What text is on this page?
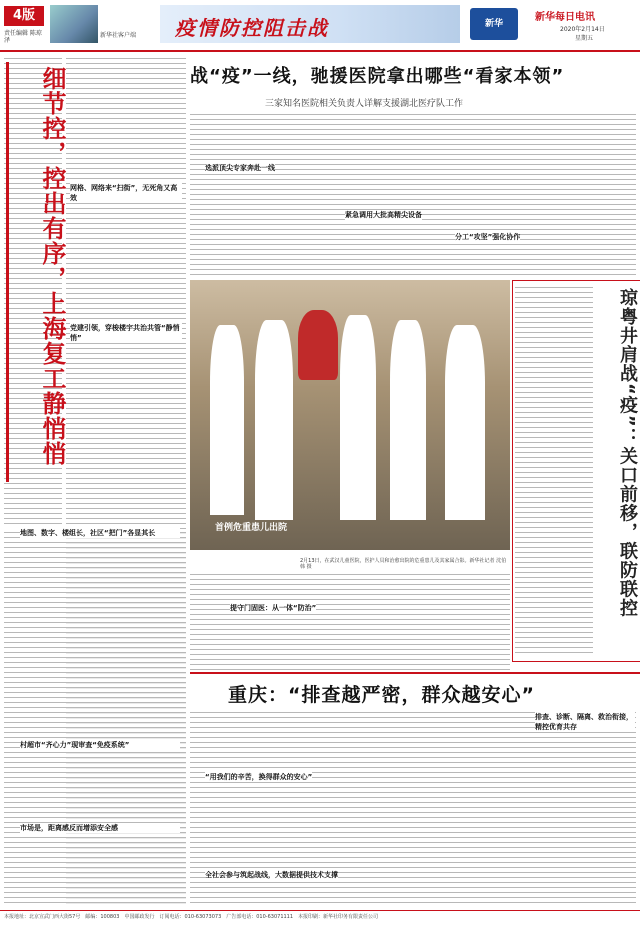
4版
责任编辑 陈琼泽
新华社客户端 疫情防控阻击战	新华
新华每日电讯
2020年2月14日
星期五
细节控，控出有序，上海复工静悄悄 网格、网络来“扫街”，无死角又高效
党建引领，穿梭楼宇共治共管“静悄悄”
地图、数字、楼组长，社区“把门”各显其长
村超市“齐心力”现审查“免疫系统”
市场是，距离感反而增添安全感
战“疫”一线，驰援医院拿出哪些“看家本领”
三家知名医院相关负责人详解支援湖北医疗队工作
选派顶尖专家奔赴一线
紧急调用大批高精尖设备
分工“攻坚”强化协作
首例危重患儿出院
2月13日，在武汉儿童医院，医护人员和治愈出院的危重患儿及其家属合影。新华社记者 沈伯韩 摄
提守门固医：从一体“防治”	琼粤井肩战“疫”：关口前移，联防联控
重庆：“排查越严密，群众越安心”
“用我们的辛苦，换得群众的安心”
全社会参与筑起战线，大数据提供技术支撑
排查、诊断、隔离、救治衔接，精控优育共存
本报地址：北京宣武门西大街57号　邮编：100803　中国邮政发行　订阅电话：010-63073073　广告部电话：010-63071111　本报印刷：新华社印务有限责任公司
